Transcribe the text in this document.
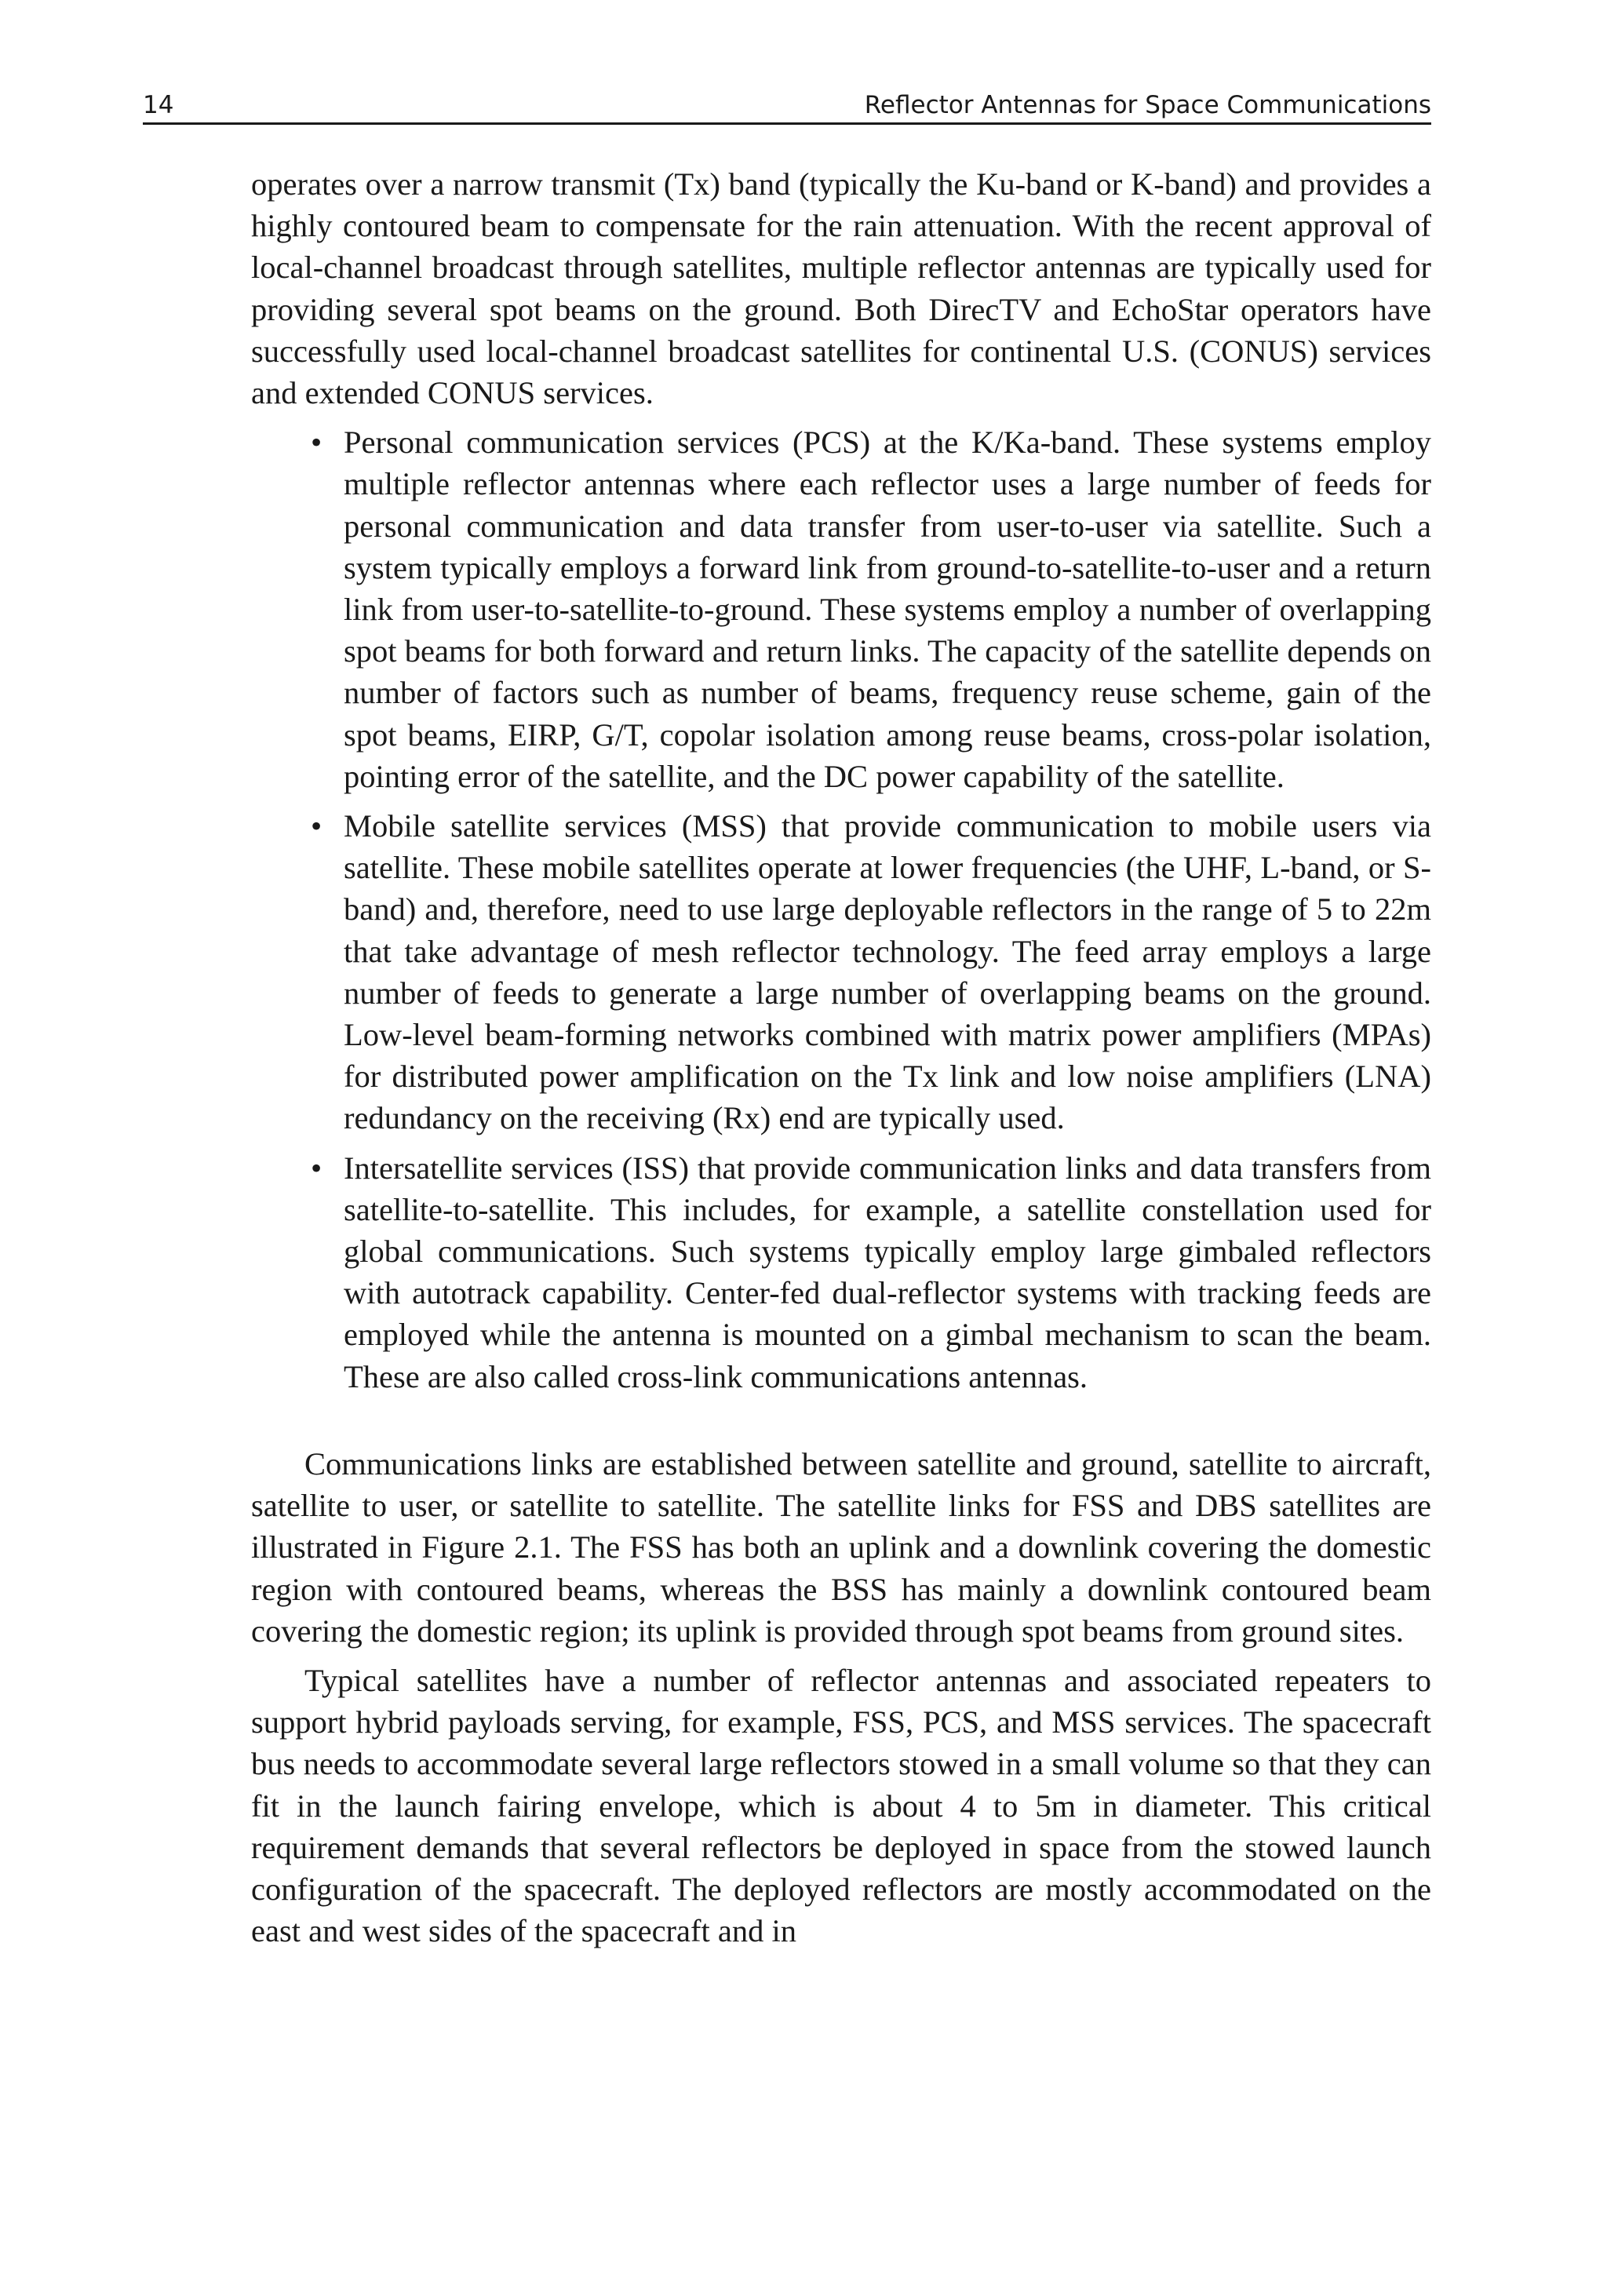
14	Reflector Antennas for Space Communications

operates over a narrow transmit (Tx) band (typically the Ku-band or K-band) and provides a highly contoured beam to compensate for the rain attenuation. With the recent approval of local-channel broadcast through satellites, multiple reflector antennas are typically used for providing several spot beams on the ground. Both DirecTV and EchoStar operators have successfully used local-channel broadcast satellites for continental U.S. (CONUS) services and extended CONUS services.

• Personal communication services (PCS) at the K/Ka-band. These systems employ multiple reflector antennas where each reflector uses a large number of feeds for personal communication and data transfer from user-to-user via satellite. Such a system typically employs a forward link from ground-to-satellite-to-user and a return link from user-to-satellite-to-ground. These systems employ a number of overlapping spot beams for both forward and return links. The capacity of the satellite depends on number of factors such as number of beams, frequency reuse scheme, gain of the spot beams, EIRP, G/T, copolar isolation among reuse beams, cross-polar isolation, pointing error of the satellite, and the DC power capability of the satellite.
• Mobile satellite services (MSS) that provide communication to mobile users via satellite. These mobile satellites operate at lower frequencies (the UHF, L-band, or S-band) and, therefore, need to use large deployable reflectors in the range of 5 to 22m that take advantage of mesh reflector technology. The feed array employs a large number of feeds to generate a large number of overlapping beams on the ground. Low-level beam-forming networks combined with matrix power amplifiers (MPAs) for distributed power amplification on the Tx link and low noise amplifiers (LNA) redundancy on the receiving (Rx) end are typically used.
• Intersatellite services (ISS) that provide communication links and data transfers from satellite-to-satellite. This includes, for example, a satellite constellation used for global communications. Such systems typically employ large gimbaled reflectors with autotrack capability. Center-fed dual-reflector systems with tracking feeds are employed while the antenna is mounted on a gimbal mechanism to scan the beam. These are also called cross-link communications antennas.

Communications links are established between satellite and ground, satellite to aircraft, satellite to user, or satellite to satellite. The satellite links for FSS and DBS satellites are illustrated in Figure 2.1. The FSS has both an uplink and a downlink covering the domestic region with contoured beams, whereas the BSS has mainly a downlink contoured beam covering the domestic region; its uplink is provided through spot beams from ground sites.

Typical satellites have a number of reflector antennas and associated repeaters to support hybrid payloads serving, for example, FSS, PCS, and MSS services. The spacecraft bus needs to accommodate several large reflectors stowed in a small volume so that they can fit in the launch fairing envelope, which is about 4 to 5m in diameter. This critical requirement demands that several reflectors be deployed in space from the stowed launch configuration of the spacecraft. The deployed reflectors are mostly accommodated on the east and west sides of the spacecraft and in
